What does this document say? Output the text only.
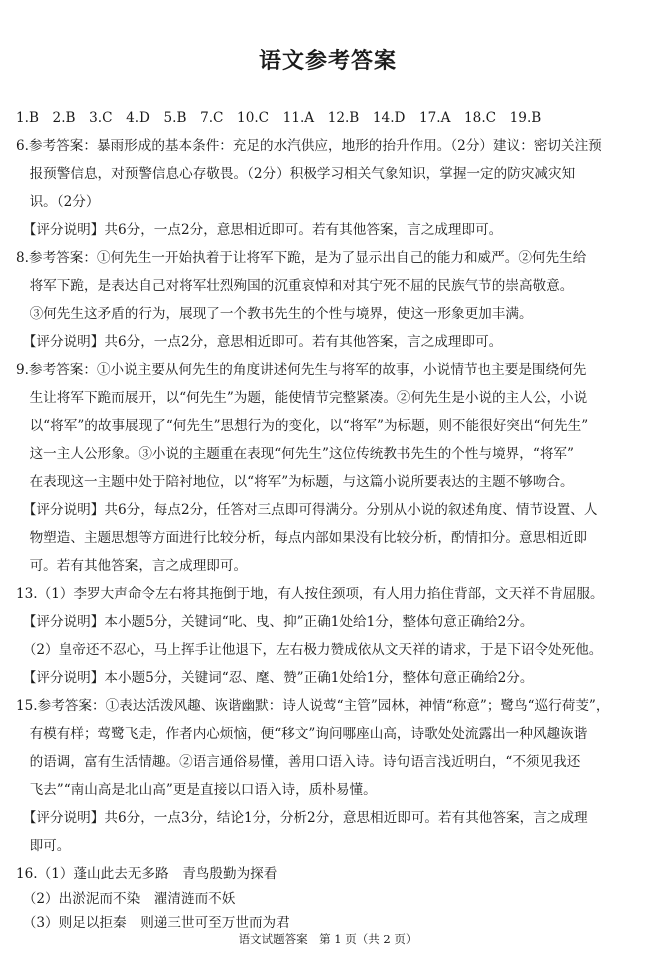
语文参考答案
1.B　2.B　3.C　4.D　5.B　7.C　10.C　11.A　12.B　14.D　17.A　18.C　19.B
6.参考答案：暴雨形成的基本条件：充足的水汽供应，地形的抬升作用。（2分）建议：密切关注预
　报预警信息，对预警信息心存敬畏。（2分）积极学习相关气象知识，掌握一定的防灾减灾知
　识。（2分）
　【评分说明】共6分，一点2分，意思相近即可。若有其他答案，言之成理即可。
8.参考答案：①何先生一开始执着于让将军下跪，是为了显示出自己的能力和威严。②何先生给
　将军下跪，是表达自己对将军壮烈殉国的沉重哀悼和对其宁死不屈的民族气节的崇高敬意。
　③何先生这矛盾的行为，展现了一个教书先生的个性与境界，使这一形象更加丰满。
　【评分说明】共6分，一点2分，意思相近即可。若有其他答案，言之成理即可。
9.参考答案：①小说主要从何先生的角度讲述何先生与将军的故事，小说情节也主要是围绕何先
　生让将军下跪而展开，以“何先生”为题，能使情节完整紧凑。②何先生是小说的主人公，小说
　以“将军”的故事展现了“何先生”思想行为的变化，以“将军”为标题，则不能很好突出“何先生”
　这一主人公形象。③小说的主题重在表现“何先生”这位传统教书先生的个性与境界，“将军”
　在表现这一主题中处于陪衬地位，以“将军”为标题，与这篇小说所要表达的主题不够吻合。
　【评分说明】共6分，每点2分，任答对三点即可得满分。分别从小说的叙述角度、情节设置、人
　物塑造、主题思想等方面进行比较分析，每点内部如果没有比较分析，酌情扣分。意思相近即
　可。若有其他答案，言之成理即可。
13.（1）李罗大声命令左右将其拖倒于地，有人按住颈项，有人用力掐住背部，文天祥不肯屈服。
　【评分说明】本小题5分，关键词“叱、曳、抑”正确1处给1分，整体句意正确给2分。
　（2）皇帝还不忍心，马上挥手让他退下，左右极力赞成依从文天祥的请求，于是下诏令处死他。
　【评分说明】本小题5分，关键词“忍、麾、赞”正确1处给1分，整体句意正确给2分。
15.参考答案：①表达活泼风趣、诙谐幽默：诗人说莺“主管”园林，神情“称意”；鹭鸟“巡行荷芰”，
　有模有样；莺鹭飞走，作者内心烦恼，便“移文”询问哪座山高，诗歌处处流露出一种风趣诙谐
　的语调，富有生活情趣。②语言通俗易懂，善用口语入诗。诗句语言浅近明白，“不须见我还
　飞去”“南山高是北山高”更是直接以口语入诗，质朴易懂。
　【评分说明】共6分，一点3分，结论1分，分析2分，意思相近即可。若有其他答案，言之成理
　即可。
16.（1）蓬山此去无多路　青鸟殷勤为探看
　（2）出淤泥而不染　濯清涟而不妖
　（3）则足以拒秦　则递三世可至万世而为君
语文试题答案　第 1 页（共 2 页）
